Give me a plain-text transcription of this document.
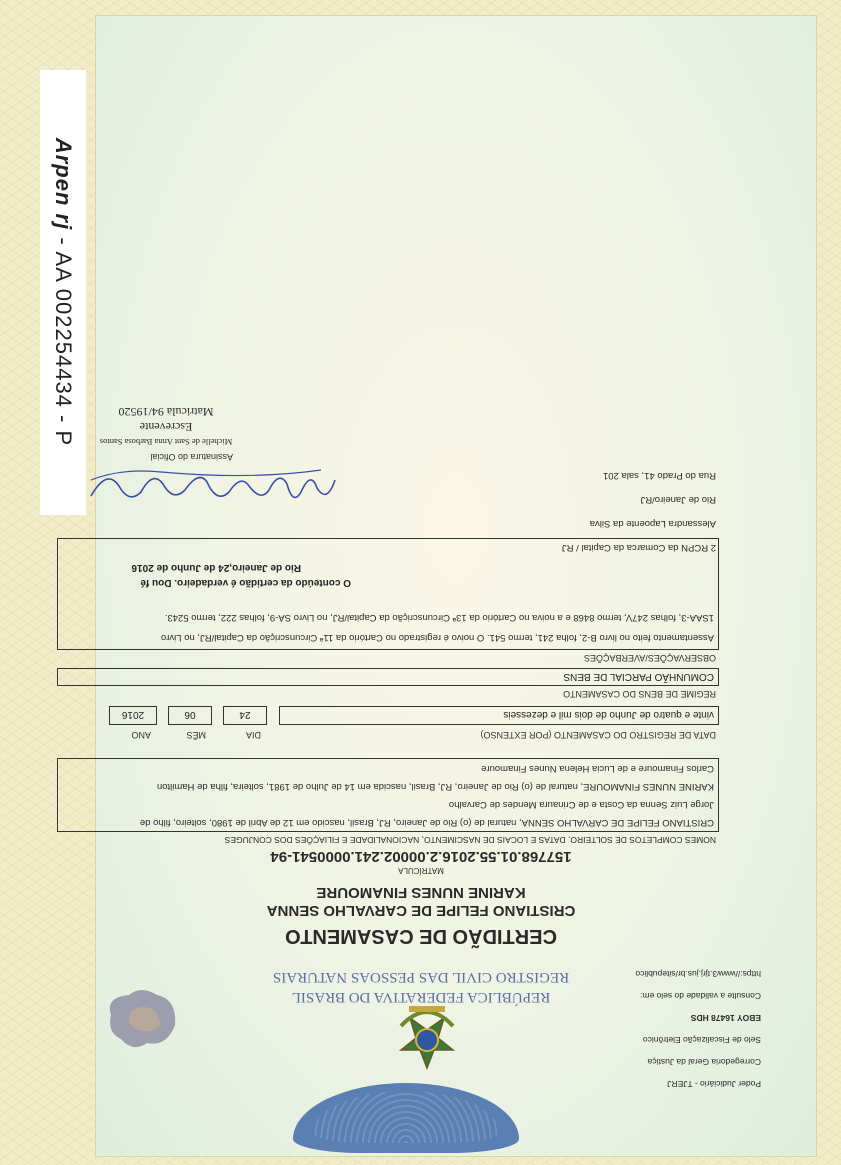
Arpen rj - AA 002254434 - P
Poder Judiciário - TJERJ
Corregedoria Geral da Justiça
Selo de Fiscalização Eletrônico
EBOY 16478 HDS
Consulte a validade do selo em:
https://www3.tjrj.jus.br/sitepublico
REPÚBLICA FEDERATIVA DO BRASIL
REGISTRO CIVIL DAS PESSOAS NATURAIS
CERTIDÃO DE CASAMENTO
CRISTIANO FELIPE DE CARVALHO SENNA
KARINE NUNES FINAMOURE
MATRÍCULA
157768.01.55.2016.2.00002.241.0000541-94
NOMES COMPLETOS DE SOLTEIRO, DATAS E LOCAIS DE NASCIMENTO, NACIONALIDADE E FILIAÇÕES DOS CONJUGES
CRISTIANO FELIPE DE CARVALHO SENNA, natural de (o) Rio de Janeiro, RJ, Brasil, nascido em 12 de Abril de 1980, solteiro, filho de
Jorge Luiz Senna da Costa e de Crinaura Mendes de Carvalho
KARINE NUNES FINAMOURE, natural de (o) Rio de Janeiro, RJ, Brasil, nascida em 14 de Julho de 1981, solteira, filha de Hamilton
Carlos Finamoure e de Lucia Helena Nunes Finamoure
DATA DE REGISTRO DO CASAMENTO (POR EXTENSO)
DIA
MÊS
ANO
vinte e quatro de Junho de dois mil e dezesseis
24
06
2016
REGIME DE BENS DO CASAMENTO
COMUNHÃO PARCIAL DE BENS
OBSERVAÇÕES/AVERBAÇÕES
Assentamento feito no livro B-2, folha 241, termo 541. O noivo é registrado no Cartório da 11ª Circunscrição da Capital/RJ, no Livro
1SAA-3, folhas 247V, termo 8468 e a noiva no Cartório da 13ª Circunscrição da Capital/RJ, no Livro SA-9, folhas 222, termo 5243.
O conteúdo da certidão é verdadeiro. Dou fé
Rio de Janeiro,24 de Junho de 2016
2 RCPN da Comarca da Capital / RJ
Alessandra Lapoente da Silva
Rio de Janeiro/RJ
Rua do Prado 41, sala 201
Assinatura do Oficial
Michelle de Sant Anna Barbosa Santos
Escrevente
Matricula 94/19520
